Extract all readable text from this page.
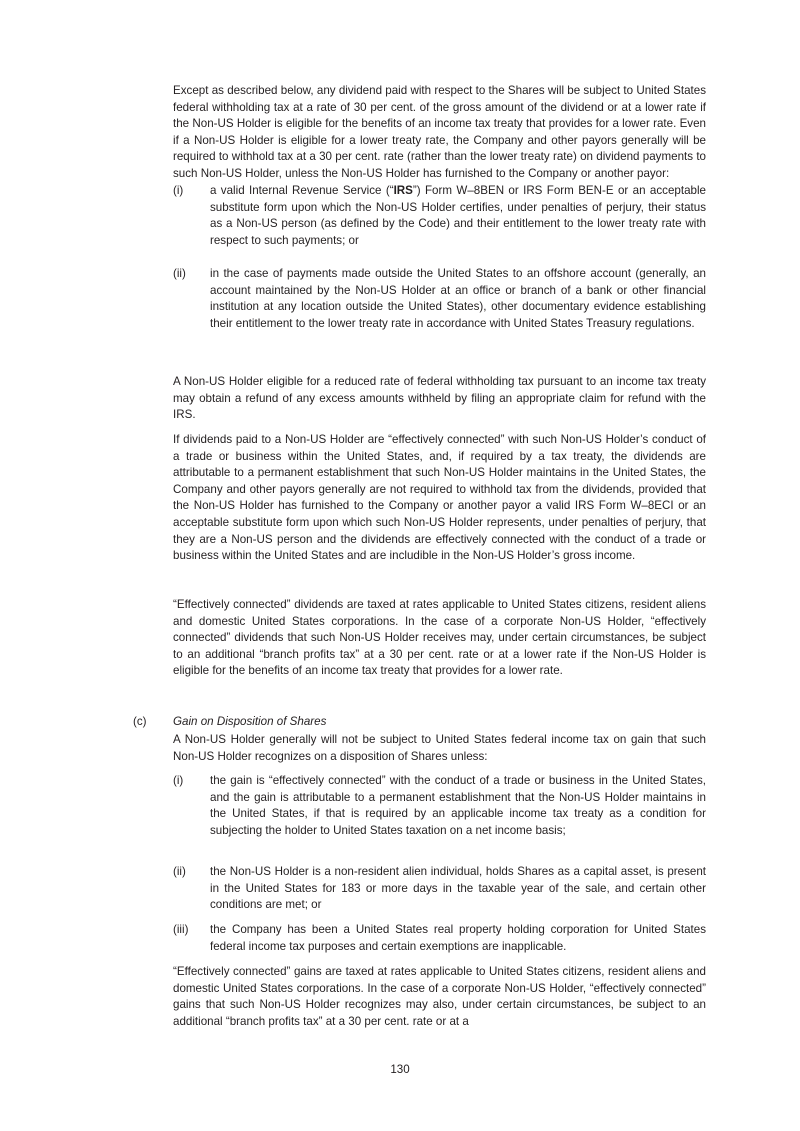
Except as described below, any dividend paid with respect to the Shares will be subject to United States federal withholding tax at a rate of 30 per cent. of the gross amount of the dividend or at a lower rate if the Non-US Holder is eligible for the benefits of an income tax treaty that provides for a lower rate. Even if a Non-US Holder is eligible for a lower treaty rate, the Company and other payors generally will be required to withhold tax at a 30 per cent. rate (rather than the lower treaty rate) on dividend payments to such Non-US Holder, unless the Non-US Holder has furnished to the Company or another payor:

(i) a valid Internal Revenue Service (“IRS”) Form W–8BEN or IRS Form BEN-E or an acceptable substitute form upon which the Non-US Holder certifies, under penalties of perjury, their status as a Non-US person (as defined by the Code) and their entitlement to the lower treaty rate with respect to such payments; or
(ii) in the case of payments made outside the United States to an offshore account (generally, an account maintained by the Non-US Holder at an office or branch of a bank or other financial institution at any location outside the United States), other documentary evidence establishing their entitlement to the lower treaty rate in accordance with United States Treasury regulations.

A Non-US Holder eligible for a reduced rate of federal withholding tax pursuant to an income tax treaty may obtain a refund of any excess amounts withheld by filing an appropriate claim for refund with the IRS.

If dividends paid to a Non-US Holder are “effectively connected” with such Non-US Holder’s conduct of a trade or business within the United States, and, if required by a tax treaty, the dividends are attributable to a permanent establishment that such Non-US Holder maintains in the United States, the Company and other payors generally are not required to withhold tax from the dividends, provided that the Non-US Holder has furnished to the Company or another payor a valid IRS Form W–8ECI or an acceptable substitute form upon which such Non-US Holder represents, under penalties of perjury, that they are a Non-US person and the dividends are effectively connected with the conduct of a trade or business within the United States and are includible in the Non-US Holder’s gross income.

“Effectively connected” dividends are taxed at rates applicable to United States citizens, resident aliens and domestic United States corporations. In the case of a corporate Non-US Holder, “effectively connected” dividends that such Non-US Holder receives may, under certain circumstances, be subject to an additional “branch profits tax” at a 30 per cent. rate or at a lower rate if the Non-US Holder is eligible for the benefits of an income tax treaty that provides for a lower rate.

(c) Gain on Disposition of Shares

A Non-US Holder generally will not be subject to United States federal income tax on gain that such Non-US Holder recognizes on a disposition of Shares unless:

(i) the gain is “effectively connected” with the conduct of a trade or business in the United States, and the gain is attributable to a permanent establishment that the Non-US Holder maintains in the United States, if that is required by an applicable income tax treaty as a condition for subjecting the holder to United States taxation on a net income basis;
(ii) the Non-US Holder is a non-resident alien individual, holds Shares as a capital asset, is present in the United States for 183 or more days in the taxable year of the sale, and certain other conditions are met; or
(iii) the Company has been a United States real property holding corporation for United States federal income tax purposes and certain exemptions are inapplicable.

“Effectively connected” gains are taxed at rates applicable to United States citizens, resident aliens and domestic United States corporations. In the case of a corporate Non-US Holder, “effectively connected” gains that such Non-US Holder recognizes may also, under certain circumstances, be subject to an additional “branch profits tax” at a 30 per cent. rate or at a

130
